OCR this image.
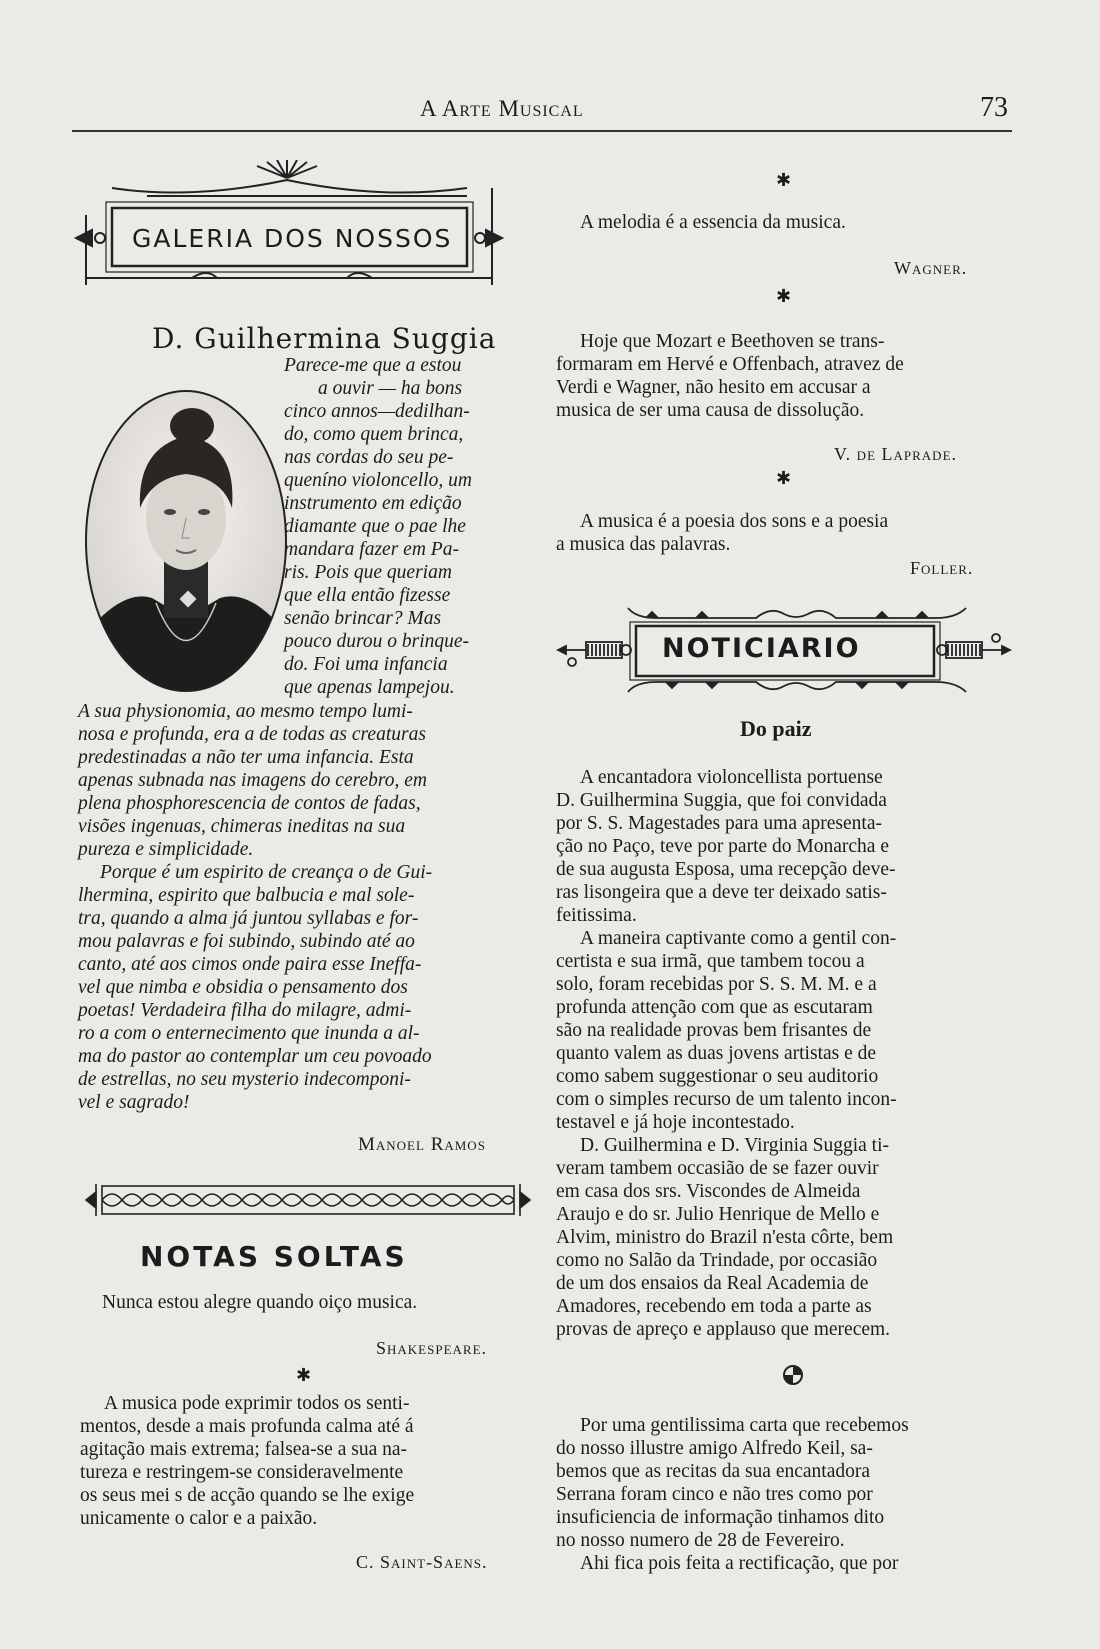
A Arte Musical	73
GALERIA DOS NOSSOS
D. Guilhermina Suggia
Parece-me que a estou
a ouvir — ha bons
cinco annos—dedilhan-
do, como quem brinca,
nas cordas do seu pe-
queníno violoncello, um
instrumento em edição
diamante que o pae lhe
mandara fazer em Pa-
ris. Pois que queriam
que ella então fizesse
senão brincar? Mas
pouco durou o brinque-
do. Foi uma infancia
que apenas lampejou.
A sua physionomia, ao mesmo tempo lumi-
nosa e profunda, era a de todas as creaturas
predestinadas a não ter uma infancia. Esta
apenas subnada nas imagens do cerebro, em
plena phosphorescencia de contos de fadas,
visões ingenuas, chimeras ineditas na sua
pureza e simplicidade.
Porque é um espirito de creança o de Gui-
lhermina, espirito que balbucia e mal sole-
tra, quando a alma já juntou syllabas e for-
mou palavras e foi subindo, subindo até ao
canto, até aos cimos onde paira esse Ineffa-
vel que nimba e obsidia o pensamento dos
poetas! Verdadeira filha do milagre, admi-
ro a com o enternecimento que inunda a al-
ma do pastor ao contemplar um ceu povoado
de estrellas, no seu mysterio indecomponi-
vel e sagrado!
Manoel Ramos
NOTAS SOLTAS
Nunca estou alegre quando oiço musica.
Shakespeare.
✱
A musica pode exprimir todos os senti-
mentos, desde a mais profunda calma até á
agitação mais extrema; falsea-se a sua na-
tureza e restringem-se consideravelmente
os seus mei s de acção quando se lhe exige
unicamente o calor e a paixão.
C. Saint-Saens.
✱
A melodia é a essencia da musica.
Wagner.
✱
Hoje que Mozart e Beethoven se trans-
formaram em Hervé e Offenbach, atravez de
Verdi e Wagner, não hesito em accusar a
musica de ser uma causa de dissolução.
V. de Laprade.
✱
A musica é a poesia dos sons e a poesia
a musica das palavras.
Foller.
NOTICIARIO
Do paiz
A encantadora violoncellista portuense
D. Guilhermina Suggia, que foi convidada
por S. S. Magestades para uma apresenta-
ção no Paço, teve por parte do Monarcha e
de sua augusta Esposa, uma recepção deve-
ras lisongeira que a deve ter deixado satis-
feitissima.
A maneira captivante como a gentil con-
certista e sua irmã, que tambem tocou a
solo, foram recebidas por S. S. M. M. e a
profunda attenção com que as escutaram
são na realidade provas bem frisantes de
quanto valem as duas jovens artistas e de
como sabem suggestionar o seu auditorio
com o simples recurso de um talento incon-
testavel e já hoje incontestado.
D. Guilhermina e D. Virginia Suggia ti-
veram tambem occasião de se fazer ouvir
em casa dos srs. Viscondes de Almeida
Araujo e do sr. Julio Henrique de Mello e
Alvim, ministro do Brazil n'esta côrte, bem
como no Salão da Trindade, por occasião
de um dos ensaios da Real Academia de
Amadores, recebendo em toda a parte as
provas de apreço e applauso que merecem.
Por uma gentilissima carta que recebemos
do nosso illustre amigo Alfredo Keil, sa-
bemos que as recitas da sua encantadora
Serrana foram cinco e não tres como por
insuficiencia de informação tinhamos dito
no nosso numero de 28 de Fevereiro.
Ahi fica pois feita a rectificação, que por
